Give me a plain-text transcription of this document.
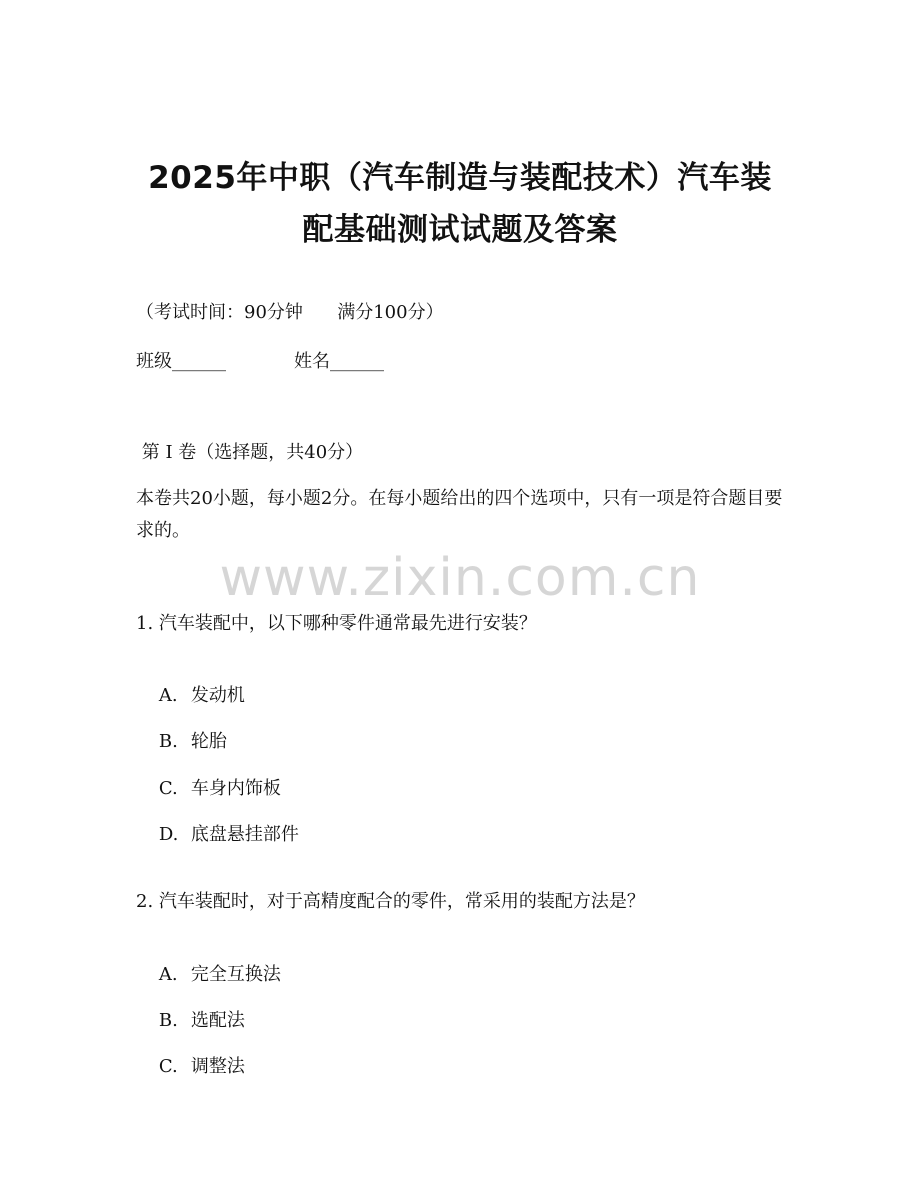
2025年中职（汽车制造与装配技术）汽车装
配基础测试试题及答案
（考试时间：90分钟      满分100分）
班级______	姓名______
第 I 卷（选择题，共40分）
本卷共20小题，每小题2分。在每小题给出的四个选项中，只有一项是符合题目要求的。
www.zixin.com.cn
1. 汽车装配中，以下哪种零件通常最先进行安装？

A. 发动机

B. 轮胎

C. 车身内饰板

D. 底盘悬挂部件

2. 汽车装配时，对于高精度配合的零件，常采用的装配方法是？

A. 完全互换法

B. 选配法

C. 调整法
